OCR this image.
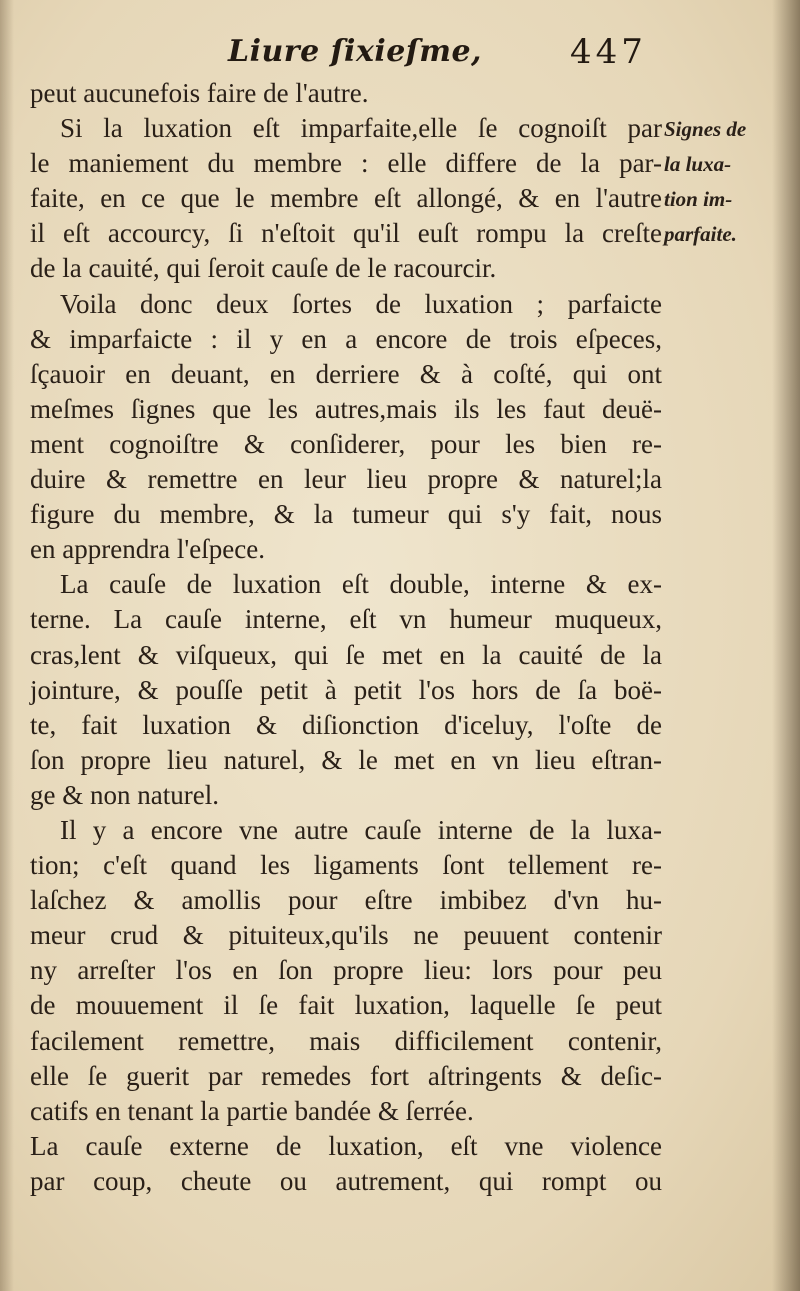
Liure ſixieſme,	447
Signes de
la luxa-
tion im-
parfaite.
peut aucunefois faire de l'autre.
Si la luxation eſt imparfaite,elle ſe cognoiſt par
le maniement du membre : elle differe de la par-
faite, en ce que le membre eſt allongé, & en l'autre
il eſt accourcy, ſi n'eſtoit qu'il euſt rompu la creſte
de la cauité, qui ſeroit cauſe de le racourcir.
Voila donc deux ſortes de luxation ; parfaicte
& imparfaicte : il y en a encore de trois eſpeces,
ſçauoir en deuant, en derriere & à coſté, qui ont
meſmes ſignes que les autres,mais ils les faut deuë-
ment cognoiſtre & conſiderer, pour les bien re-
duire & remettre en leur lieu propre & naturel;la
figure du membre, & la tumeur qui s'y fait, nous
en apprendra l'eſpece.
La cauſe de luxation eſt double, interne & ex-
terne. La cauſe interne, eſt vn humeur muqueux,
cras,lent & viſqueux, qui ſe met en la cauité de la
jointure, & pouſſe petit à petit l'os hors de ſa boë-
te, fait luxation & diſionction d'iceluy, l'oſte de
ſon propre lieu naturel, & le met en vn lieu eſtran-
ge & non naturel.
Il y a encore vne autre cauſe interne de la luxa-
tion; c'eſt quand les ligaments ſont tellement re-
laſchez & amollis pour eſtre imbibez d'vn hu-
meur crud & pituiteux,qu'ils ne peuuent contenir
ny arreſter l'os en ſon propre lieu: lors pour peu
de mouuement il ſe fait luxation, laquelle ſe peut
facilement remettre, mais difficilement contenir,
elle ſe guerit par remedes fort aſtringents & deſic-
catifs en tenant la partie bandée & ſerrée.
La cauſe externe de luxation, eſt vne violence
par coup, cheute ou autrement, qui rompt ou
